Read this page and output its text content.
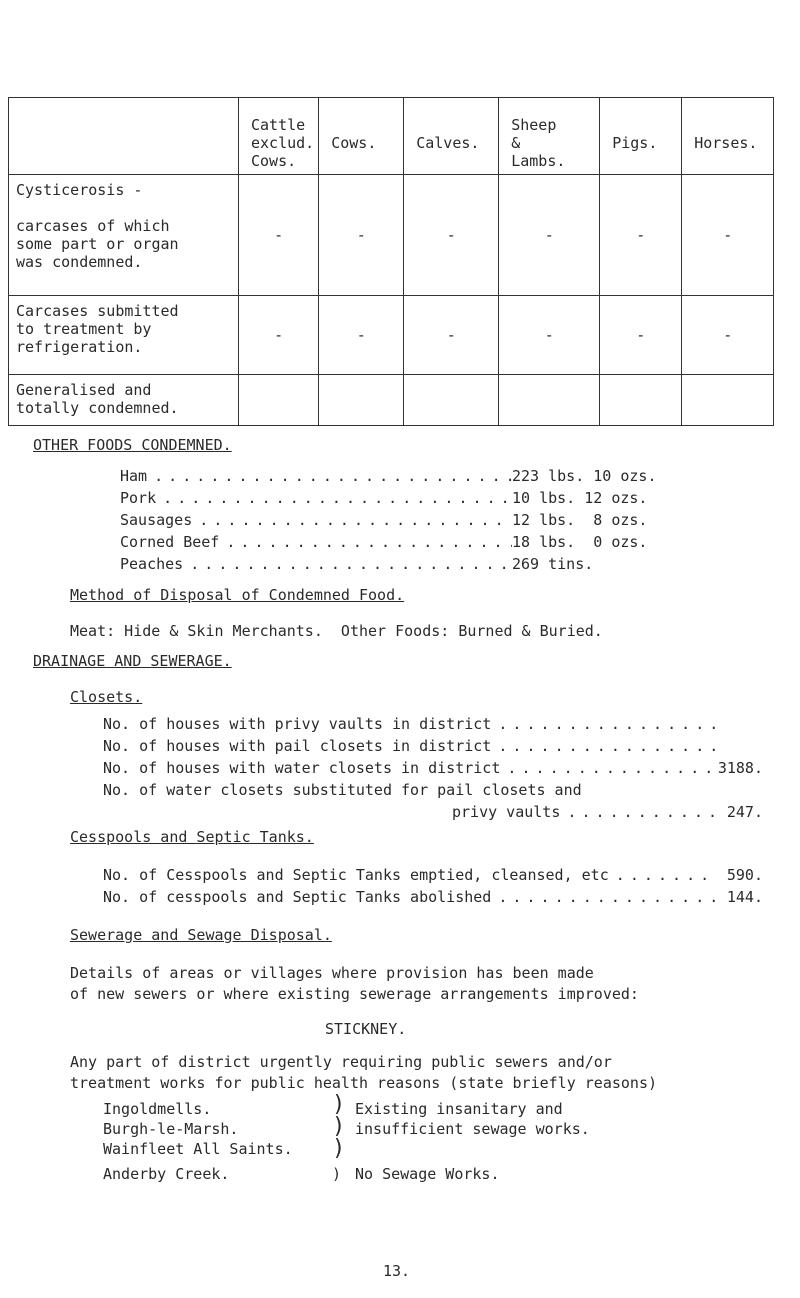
	Cattle
exclud.
Cows.	Cows.	Calves.	Sheep
&
Lambs.	Pigs.	Horses.
Cysticerosis -

carcases of which
some part or organ
was condemned.	-	-	-	-	-	-
Carcases submitted
to treatment by
refrigeration.	-	-	-	-	-	-
Generalised and
totally condemned.						
OTHER FOODS CONDEMNED.
Ham . . .	223 lbs. 10 ozs.
Pork . . .	10 lbs. 12 ozs.
Sausages . . .	12 lbs.  8 ozs.
Corned Beef . . .	18 lbs.  0 ozs.
Peaches . . .	269 tins.
Method of Disposal of Condemned Food.
Meat: Hide & Skin Merchants.  Other Foods: Burned & Buried.
DRAINAGE AND SEWERAGE.
Closets.
No. of houses with privy vaults in district
. . .
No. of houses with pail closets in district
. . .
No. of houses with water closets in district . . .	3188.
No. of water closets substituted for pail closets and
privy vaults . . .	247.
Cesspools and Septic Tanks.
No. of Cesspools and Septic Tanks emptied, cleansed, etc . . .	590.
No. of cesspools and Septic Tanks abolished . . .	144.
Sewerage and Sewage Disposal.
Details of areas or villages where provision has been made
of new sewers or where existing sewerage arrangements improved:
STICKNEY.
Any part of district urgently requiring public sewers and/or
treatment works for public health reasons (state briefly reasons)
Ingoldmells.
Burgh-le-Marsh.
Wainfleet All Saints.
)
)
)
Existing insanitary and
insufficient sewage works.
Anderby Creek.	) No Sewage Works.
13.
